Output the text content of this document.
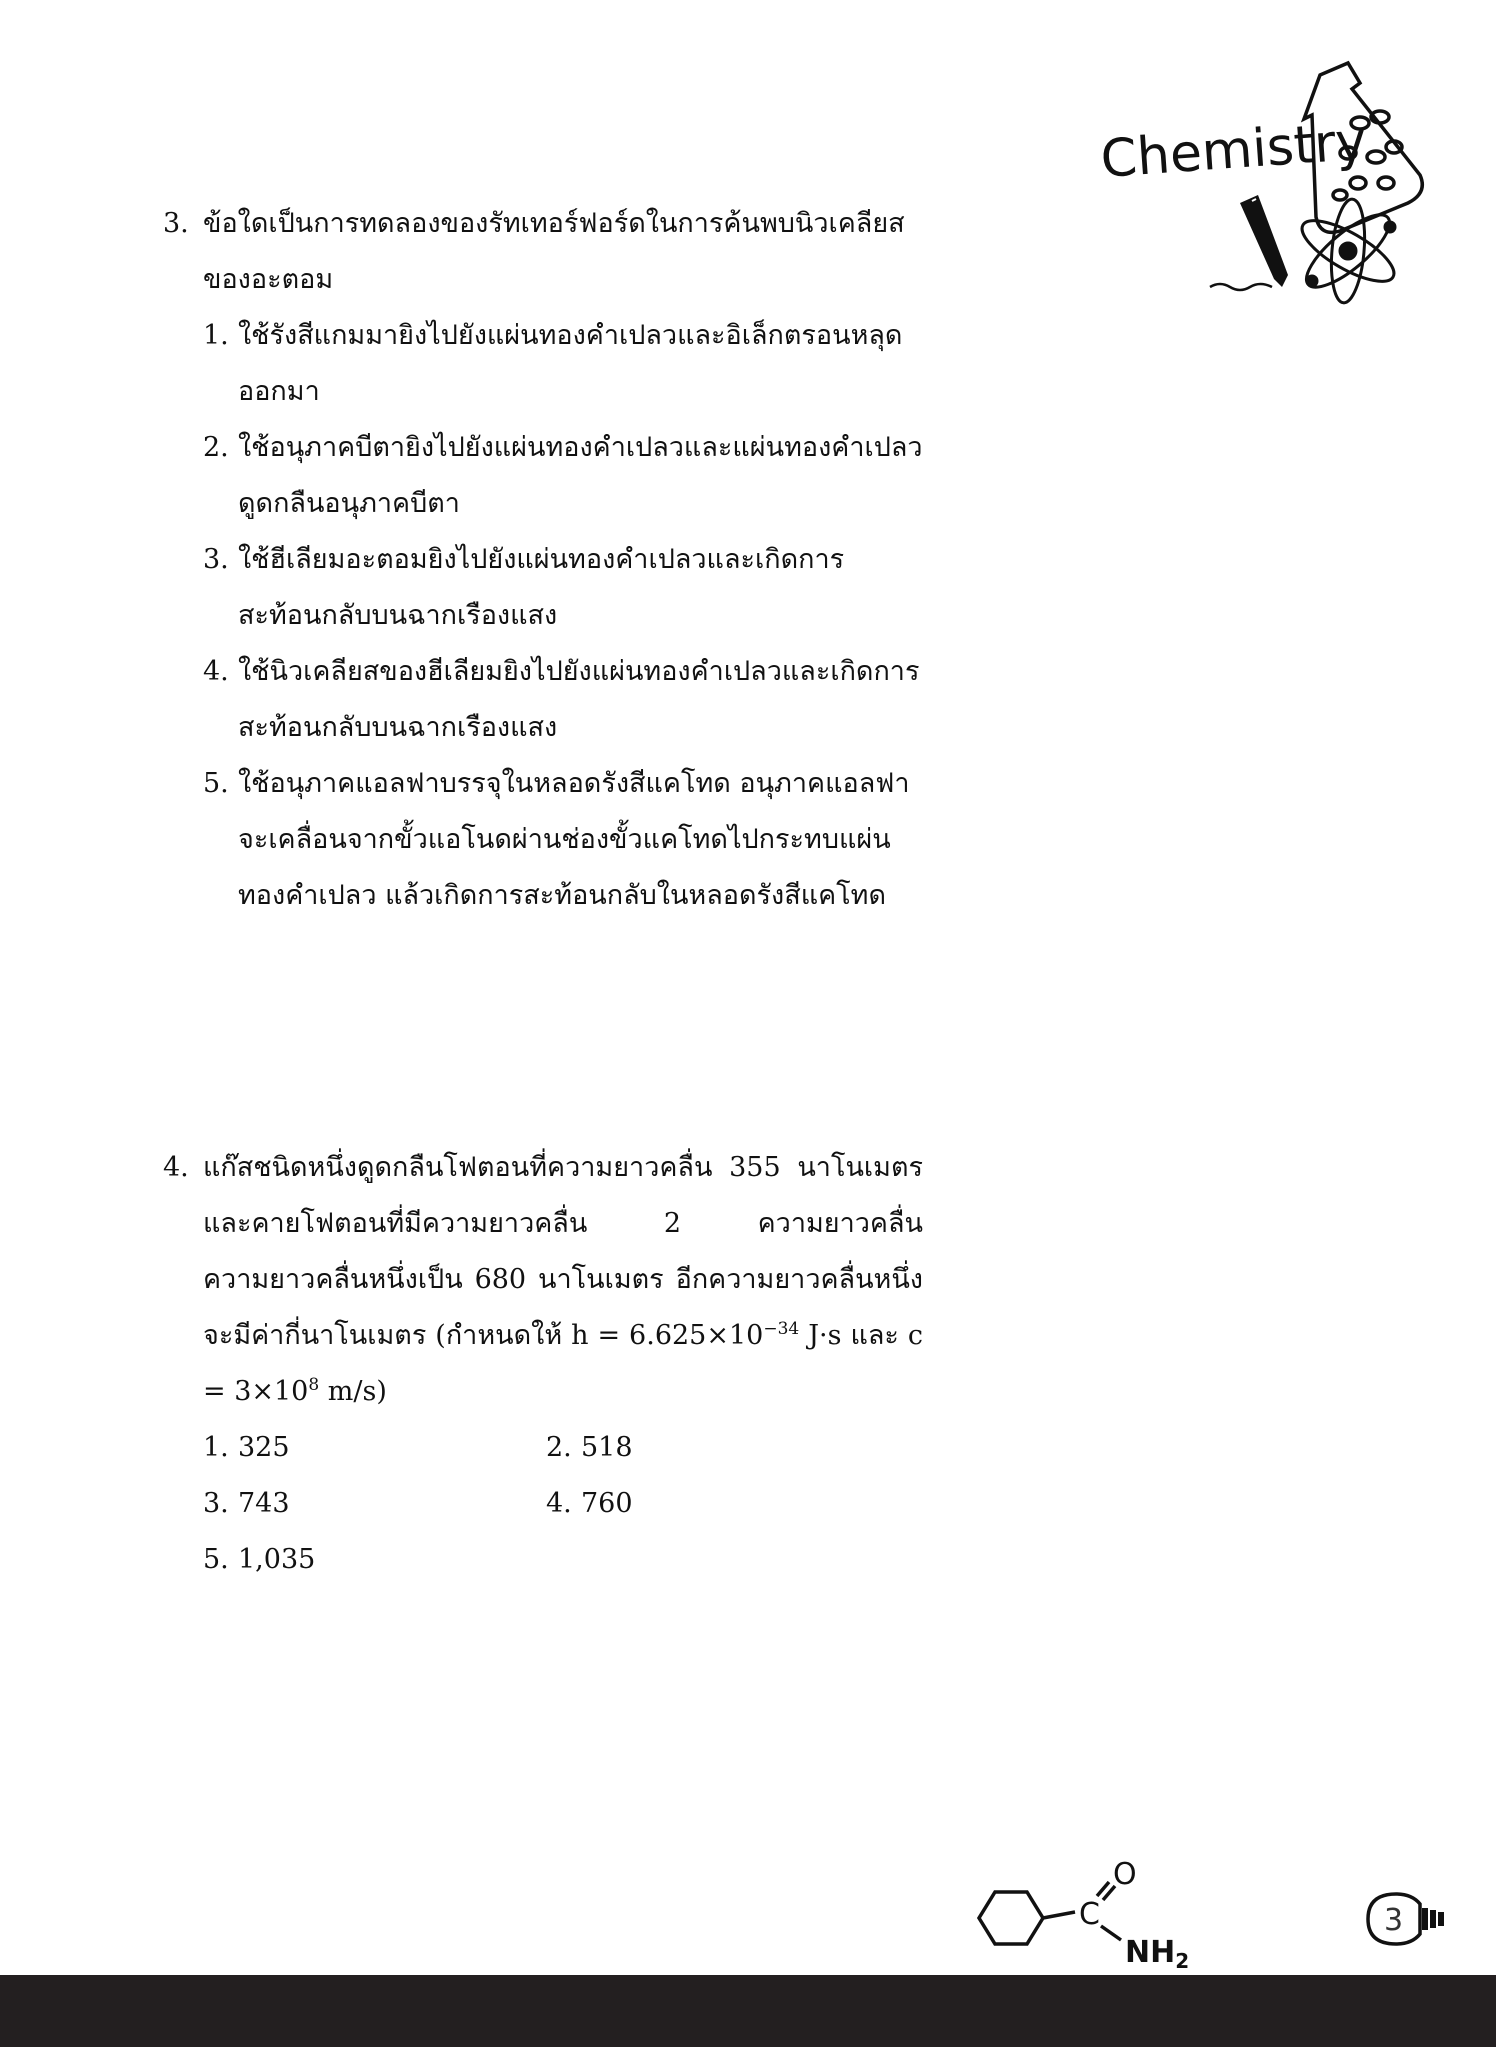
Chemistry
3. ข้อใดเป็นการทดลองของรัทเทอร์ฟอร์ดในการค้นพบนิวเคลียสของอะตอม
1. ใช้รังสีแกมมายิงไปยังแผ่นทองคำเปลวและอิเล็กตรอนหลุดออกมา
2. ใช้อนุภาคบีตายิงไปยังแผ่นทองคำเปลวและแผ่นทองคำเปลวดูดกลืนอนุภาคบีตา
3. ใช้ฮีเลียมอะตอมยิงไปยังแผ่นทองคำเปลวและเกิดการสะท้อนกลับบนฉากเรืองแสง
4. ใช้นิวเคลียสของฮีเลียมยิงไปยังแผ่นทองคำเปลวและเกิดการสะท้อนกลับบนฉากเรืองแสง
5. ใช้อนุภาคแอลฟาบรรจุในหลอดรังสีแคโทด อนุภาคแอลฟาจะเคลื่อนจากขั้วแอโนดผ่านช่องขั้วแคโทดไปกระทบแผ่นทองคำเปลว แล้วเกิดการสะท้อนกลับในหลอดรังสีแคโทด
4. แก๊สชนิดหนึ่งดูดกลืนโฟตอนที่ความยาวคลื่น 355 นาโนเมตร และคายโฟตอนที่มีความยาวคลื่น 2 ความยาวคลื่น ความยาวคลื่นหนึ่งเป็น 680 นาโนเมตร อีกความยาวคลื่นหนึ่งจะมีค่ากี่นาโนเมตร (กำหนดให้ $h = 6.625\times 10^{-34}$ J·s และ $c = 3\times 10^8$ m/s)
1. 325	2. 518
3. 743	4. 760
5. 1,035
C
O
$NH_2$
3
